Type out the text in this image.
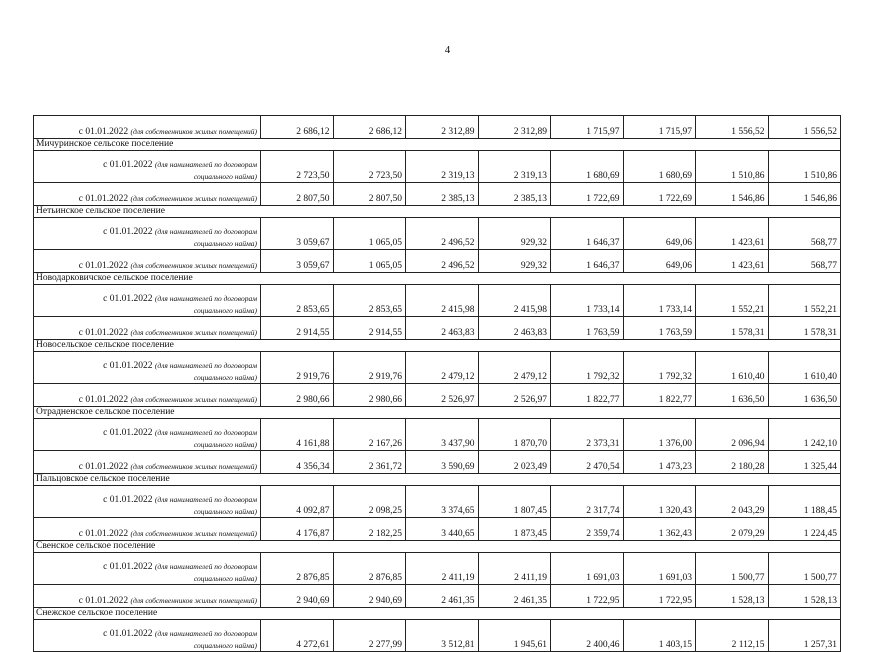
4
с 01.01.2022 (для собственников жилых помещений)	2 686,12	2 686,12	2 312,89	2 312,89	1 715,97	1 715,97	1 556,52	1 556,52
Мичуринское сельсоке поселение								

с 01.01.2022 (для нанимателей по договорам
социального найма)	2 723,50	2 723,50	2 319,13	2 319,13	1 680,69	1 680,69	1 510,86	1 510,86
с 01.01.2022 (для собственников жилых помещений)	2 807,50	2 807,50	2 385,13	2 385,13	1 722,69	1 722,69	1 546,86	1 546,86
Нетьинское сельское поселение								

с 01.01.2022 (для нанимателей по договорам
социального найма)	3 059,67	1 065,05	2 496,52	929,32	1 646,37	649,06	1 423,61	568,77
с 01.01.2022 (для собственников жилых помещений)	3 059,67	1 065,05	2 496,52	929,32	1 646,37	649,06	1 423,61	568,77
Новодарковичское сельское поселение								

с 01.01.2022 (для нанимателей по договорам
социального найма)	2 853,65	2 853,65	2 415,98	2 415,98	1 733,14	1 733,14	1 552,21	1 552,21
с 01.01.2022 (для собственников жилых помещений)	2 914,55	2 914,55	2 463,83	2 463,83	1 763,59	1 763,59	1 578,31	1 578,31
Новосельское сельское поселение								

с 01.01.2022 (для нанимателей по договорам
социального найма)	2 919,76	2 919,76	2 479,12	2 479,12	1 792,32	1 792,32	1 610,40	1 610,40
с 01.01.2022 (для собственников жилых помещений)	2 980,66	2 980,66	2 526,97	2 526,97	1 822,77	1 822,77	1 636,50	1 636,50
Отрадненское сельское поселение								

с 01.01.2022 (для нанимателей по договорам
социального найма)	4 161,88	2 167,26	3 437,90	1 870,70	2 373,31	1 376,00	2 096,94	1 242,10
с 01.01.2022 (для собственников жилых помещений)	4 356,34	2 361,72	3 590,69	2 023,49	2 470,54	1 473,23	2 180,28	1 325,44
Пальцовское сельское поселение								

с 01.01.2022 (для нанимателей по договорам
социального найма)	4 092,87	2 098,25	3 374,65	1 807,45	2 317,74	1 320,43	2 043,29	1 188,45
с 01.01.2022 (для собственников жилых помещений)	4 176,87	2 182,25	3 440,65	1 873,45	2 359,74	1 362,43	2 079,29	1 224,45
Свенское сельское поселение								

с 01.01.2022 (для нанимателей по договорам
социального найма)	2 876,85	2 876,85	2 411,19	2 411,19	1 691,03	1 691,03	1 500,77	1 500,77
с 01.01.2022 (для собственников жилых помещений)	2 940,69	2 940,69	2 461,35	2 461,35	1 722,95	1 722,95	1 528,13	1 528,13
Снежское сельское поселение								

с 01.01.2022 (для нанимателей по договорам
социального найма)	4 272,61	2 277,99	3 512,81	1 945,61	2 400,46	1 403,15	2 112,15	1 257,31
